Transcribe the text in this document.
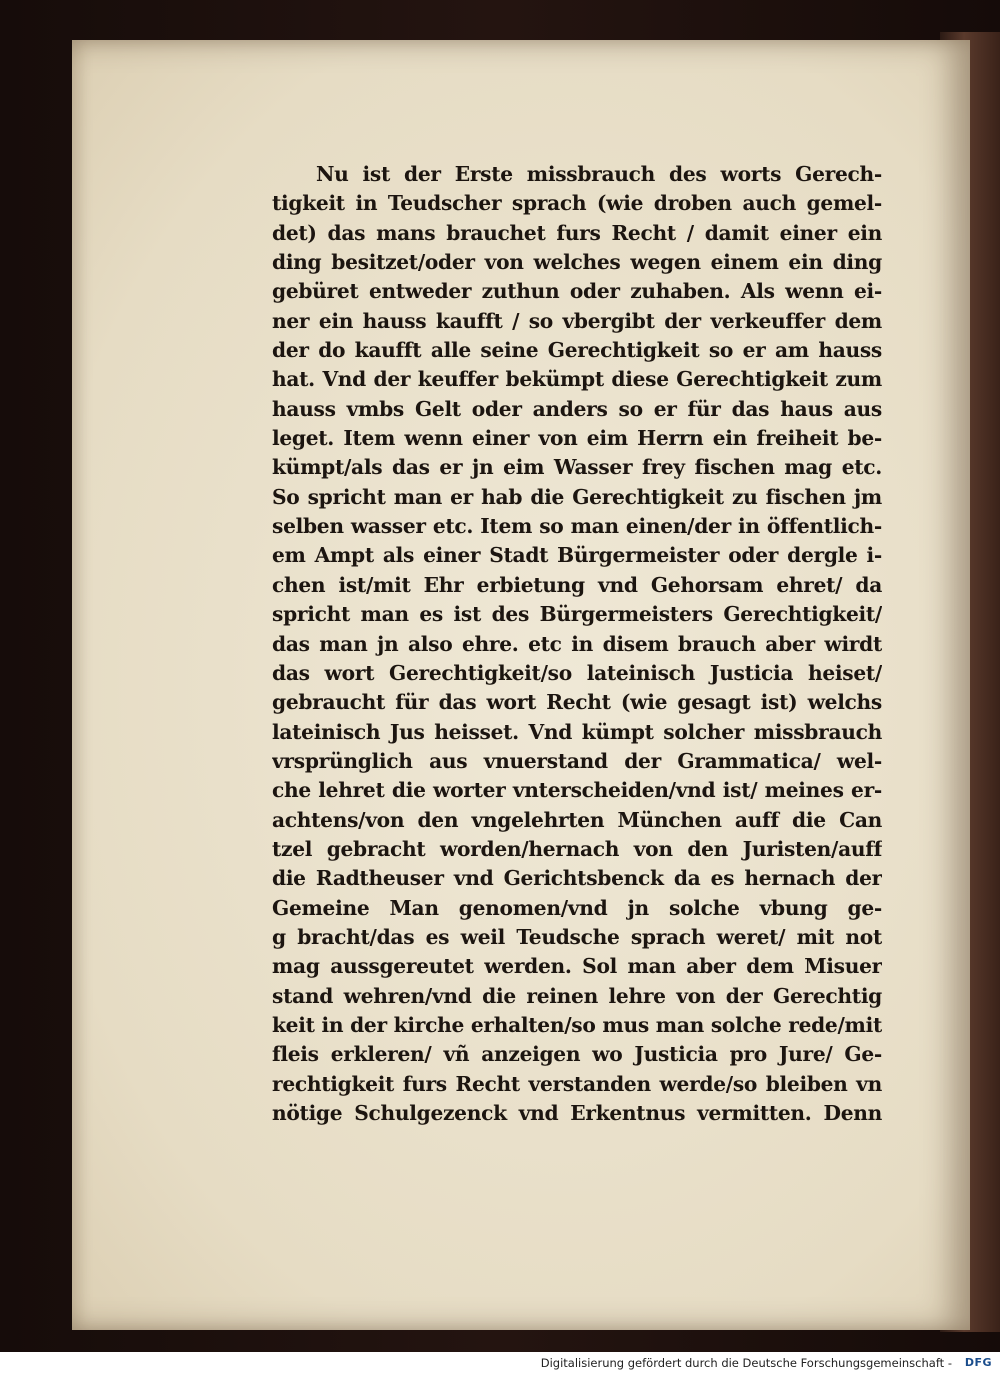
Nu ist der Erste missbrauch des worts Gerech-
tigkeit in Teudscher sprach (wie droben auch gemel-
det) das mans brauchet furs Recht / damit einer ein
ding besitzet/oder von welches wegen einem ein ding
gebüret entweder zuthun oder zuhaben. Als wenn ei-
ner ein hauss kaufft / so vbergibt der verkeuffer dem
der do kaufft alle seine Gerechtigkeit so er am hauss
hat. Vnd der keuffer bekümpt diese Gerechtigkeit zum
hauss vmbs Gelt oder anders so er für das haus aus
leget. Item wenn einer von eim Herrn ein freiheit be-
kümpt/als das er jn eim Wasser frey fischen mag etc.
So spricht man er hab die Gerechtigkeit zu fischen jm
selben wasser etc. Item so man einen/der in öffentlich-
em Ampt als einer Stadt Bürgermeister oder dergle i-
chen ist/mit Ehr erbietung vnd Gehorsam ehret/ da
spricht man es ist des Bürgermeisters Gerechtigkeit/
das man jn also ehre. etc in disem brauch aber wirdt
das wort Gerechtigkeit/so lateinisch Justicia heiset/
gebraucht für das wort Recht (wie gesagt ist) welchs
lateinisch Jus heisset. Vnd kümpt solcher missbrauch
vrsprünglich aus vnuerstand der Grammatica/ wel-
che lehret die worter vnterscheiden/vnd ist/ meines er-
achtens/von den vngelehrten München auff die Can
tzel gebracht worden/hernach von den Juristen/auff
die Radtheuser vnd Gerichtsbenck da es hernach der
Gemeine Man genomen/vnd jn solche vbung ge-
g bracht/das es weil Teudsche sprach weret/ mit not
mag aussgereutet werden. Sol man aber dem Misuer
stand wehren/vnd die reinen lehre von der Gerechtig
keit in der kirche erhalten/so mus man solche rede/mit
fleis erkleren/ vñ anzeigen wo Justicia pro Jure/ Ge-
rechtigkeit furs Recht verstanden werde/so bleiben vn
nötige Schulgezenck vnd Erkentnus vermitten. Denn
Digitalisierung gefördert durch die Deutsche Forschungsgemeinschaft - DFG
